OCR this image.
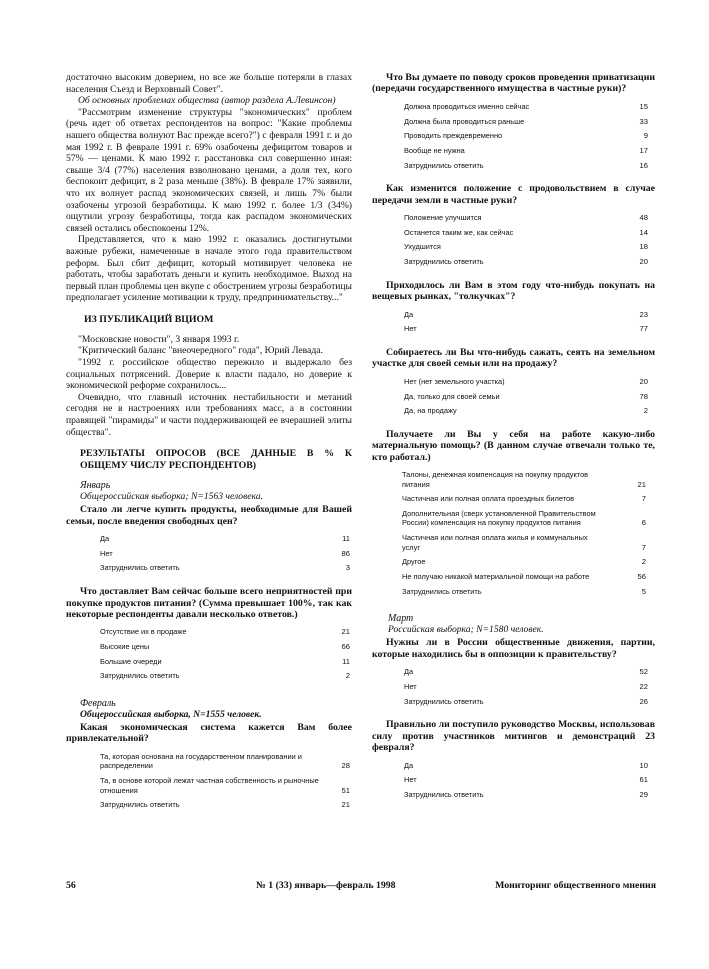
достаточно высоким доверием, но все же больше потеряли в глазах населения Съезд и Верховный Совет".

Об основных проблемах общества (автор раздела А.Левинсон)

"Рассмотрим изменение структуры "экономических" проблем (речь идет об ответах респондентов на вопрос: "Какие проблемы нашего общества волнуют Вас прежде всего?") с февраля 1991 г. и до мая 1992 г. В феврале 1991 г. 69% озабочены дефицитом товаров и 57% — ценами. К маю 1992 г. расстановка сил совершенно иная: свыше 3/4 (77%) населения взволновано ценами, а доля тех, кого беспокоит дефицит, в 2 раза меньше (38%). В феврале 17% заявили, что их волнует распад экономических связей, и лишь 7% были озабочены угрозой безработицы. К маю 1992 г. более 1/3 (34%) ощутили угрозу безработицы, тогда как распадом экономических связей остались обеспокоены 12%.

Представляется, что к маю 1992 г. оказались достигнутыми важные рубежи, намеченные в начале этого года правительством реформ. Был сбит дефицит, который мотивирует человека не работать, чтобы заработать деньги и купить необходимое. Выход на первый план проблемы цен вкупе с обострением угрозы безработицы предполагает усиление мотивации к труду, предпринимательству..."

ИЗ ПУБЛИКАЦИЙ ВЦИОМ

"Московские новости", 3 января 1993 г.

"Критический баланс "внеочередного" года", Юрий Левада.

"1992 г. российское общество пережило и выдержало без социальных потрясений. Доверие к власти падало, но доверие к экономической реформе сохранилось...

Очевидно, что главный источник нестабильности и метаний сегодня не в настроениях или требованиях масс, а в состоянии правящей "пирамиды" и части поддерживающей ее вчерашней элиты общества".

РЕЗУЛЬТАТЫ ОПРОСОВ (ВСЕ ДАННЫЕ В % К ОБЩЕМУ ЧИСЛУ РЕСПОНДЕНТОВ)
Январь
Общероссийская выборка; N=1563 человека.

Стало ли легче купить продукты, необходимые для Вашей семьи, после введения свободных цен?

Да	11
Нет	86
Затруднились ответить	3

Что доставляет Вам сейчас больше всего неприятностей при покупке продуктов питания? (Сумма превышает 100%, так как некоторые респонденты давали несколько ответов.)

Отсутствие их в продаже	21
Высокие цены	66
Большие очереди	11
Затруднились ответить	2
Февраль
Общероссийская выборка, N=1555 человек.

Какая экономическая система кажется Вам более привлекательной?

Та, которая основана на государственном планировании и распределении	28
Та, в основе которой лежат частная собственность и рыночные отношения	51
Затруднились ответить	21

Что Вы думаете по поводу сроков проведения приватизации (передачи государственного имущества в частные руки)?

Должна проводиться именно сейчас	15
Должна была проводиться раньше	33
Проводить преждевременно	9
Вообще не нужна	17
Затруднились ответить	16

Как изменится положение с продовольствием в случае передачи земли в частные руки?

Положение улучшится	48
Останется таким же, как сейчас	14
Ухудшится	18
Затруднились ответить	20

Приходилось ли Вам в этом году что-нибудь покупать на вещевых рынках, "толкучках"?

Да	23
Нет	77

Собираетесь ли Вы что-нибудь сажать, сеять на земельном участке для своей семьи или на продажу?

Нет (нет земельного участка)	20
Да, только для своей семьи	78
Да, на продажу	2

Получаете ли Вы у себя на работе какую-либо материальную помощь? (В данном случае отвечали только те, кто работал.)

Талоны, денежная компенсация на покупку продуктов питания	21
Частичная или полная оплата проездных билетов	7
Дополнительная (сверх установленной Правительством России) компенсация на покупку продуктов питания	6
Частичная или полная оплата жилья и коммунальных услуг	7
Другое	2
Не получаю никакой материальной помощи на работе	56
Затруднились ответить	5
Март
Российская выборка; N=1580 человек.

Нужны ли в России общественные движения, партии, которые находились бы в оппозиции к правительству?

Да	52
Нет	22
Затруднились ответить	26

Правильно ли поступило руководство Москвы, использовав силу против участников митингов и демонстраций 23 февраля?

Да	10
Нет	61
Затруднились ответить	29
56	№ 1 (33) январь—февраль 1998	Мониторинг общественного мнения
